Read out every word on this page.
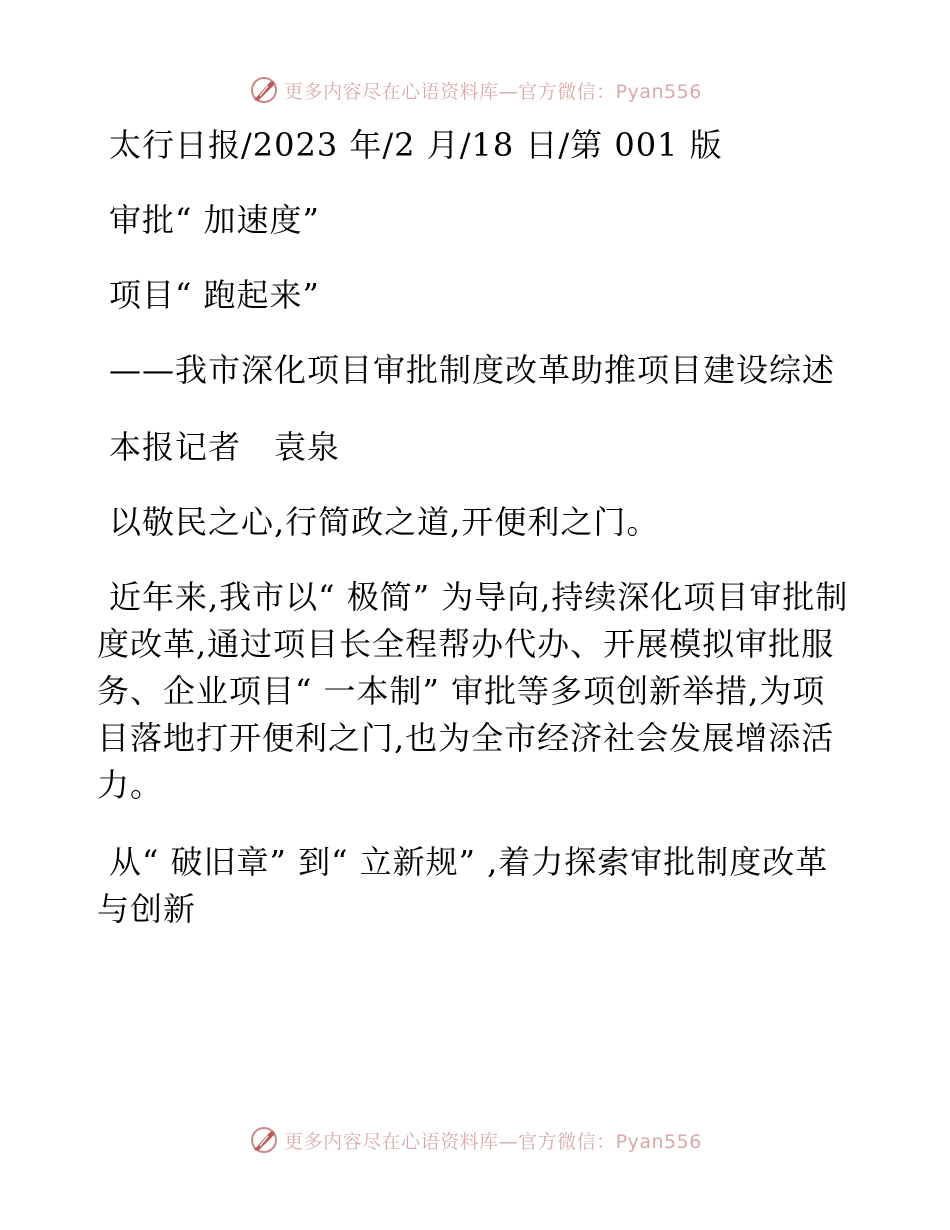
更多内容尽在心语资料库—官方微信：Pyan556

太行日报/2023 年/2 月/18 日/第 001 版

审批“ 加速度”

项目“ 跑起来”

——我市深化项目审批制度改革助推项目建设综述

本报记者　袁泉

以敬民之心,行简政之道,开便利之门。

近年来,我市以“ 极简” 为导向,持续深化项目审批制度改革,通过项目长全程帮办代办、开展模拟审批服务、企业项目“ 一本制” 审批等多项创新举措,为项目落地打开便利之门,也为全市经济社会发展增添活力。

从“ 破旧章” 到“ 立新规” ,着力探索审批制度改革与创新

更多内容尽在心语资料库—官方微信：Pyan556
